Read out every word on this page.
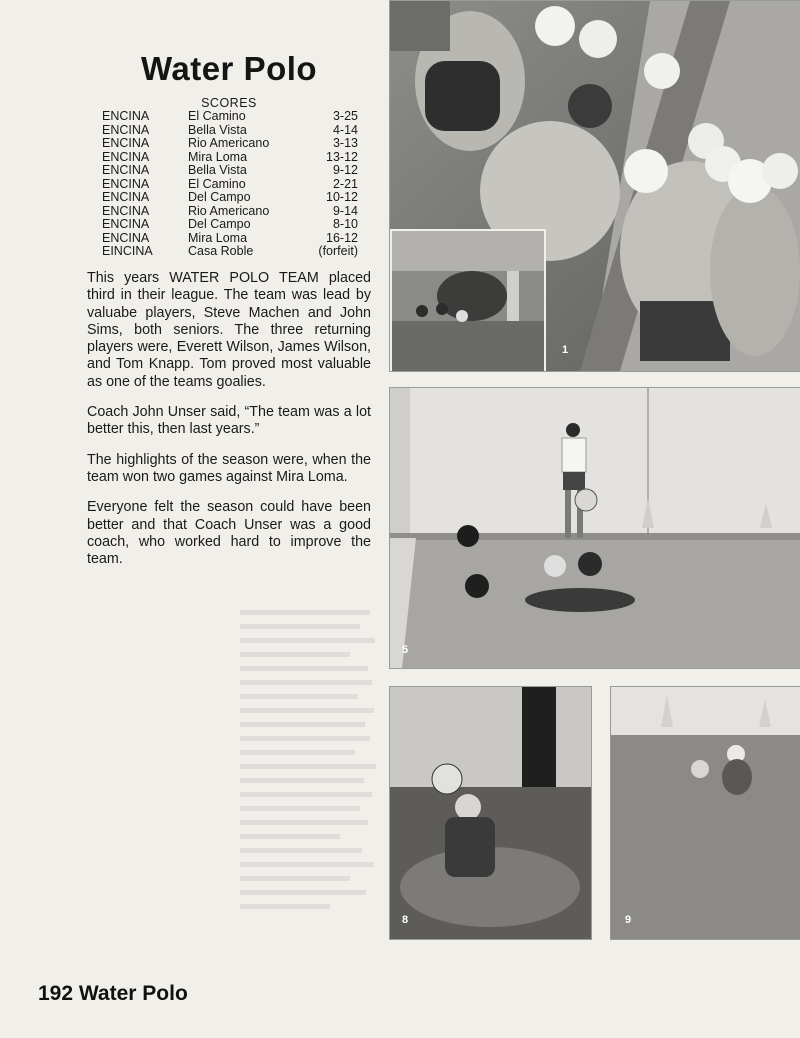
Water Polo
SCORES
ENCINA	El Camino	3-25
ENCINA	Bella Vista	4-14
ENCINA	Rio Americano	3-13
ENCINA	Mira Loma	13-12
ENCINA	Bella Vista	9-12
ENCINA	El Camino	2-21
ENCINA	Del Campo	10-12
ENCINA	Rio Americano	9-14
ENCINA	Del Campo	8-10
ENCINA	Mira Loma	16-12
EINCINA	Casa Roble	(forfeit)

This years WATER POLO TEAM placed third in their league. The team was lead by valuabe players, Steve Machen and John Sims, both seniors. The three returning players were, Everett Wilson, James Wilson, and Tom Knapp. Tom proved most valuable as one of the teams goalies.

Coach John Unser said, “The team was a lot better this, then last years.”

The highlights of the season were, when the team won two games against Mira Loma.

Everyone felt the season could have been better and that Coach Unser was a good coach, who worked hard to improve the team.

192 Water Polo
1
5
8	9
